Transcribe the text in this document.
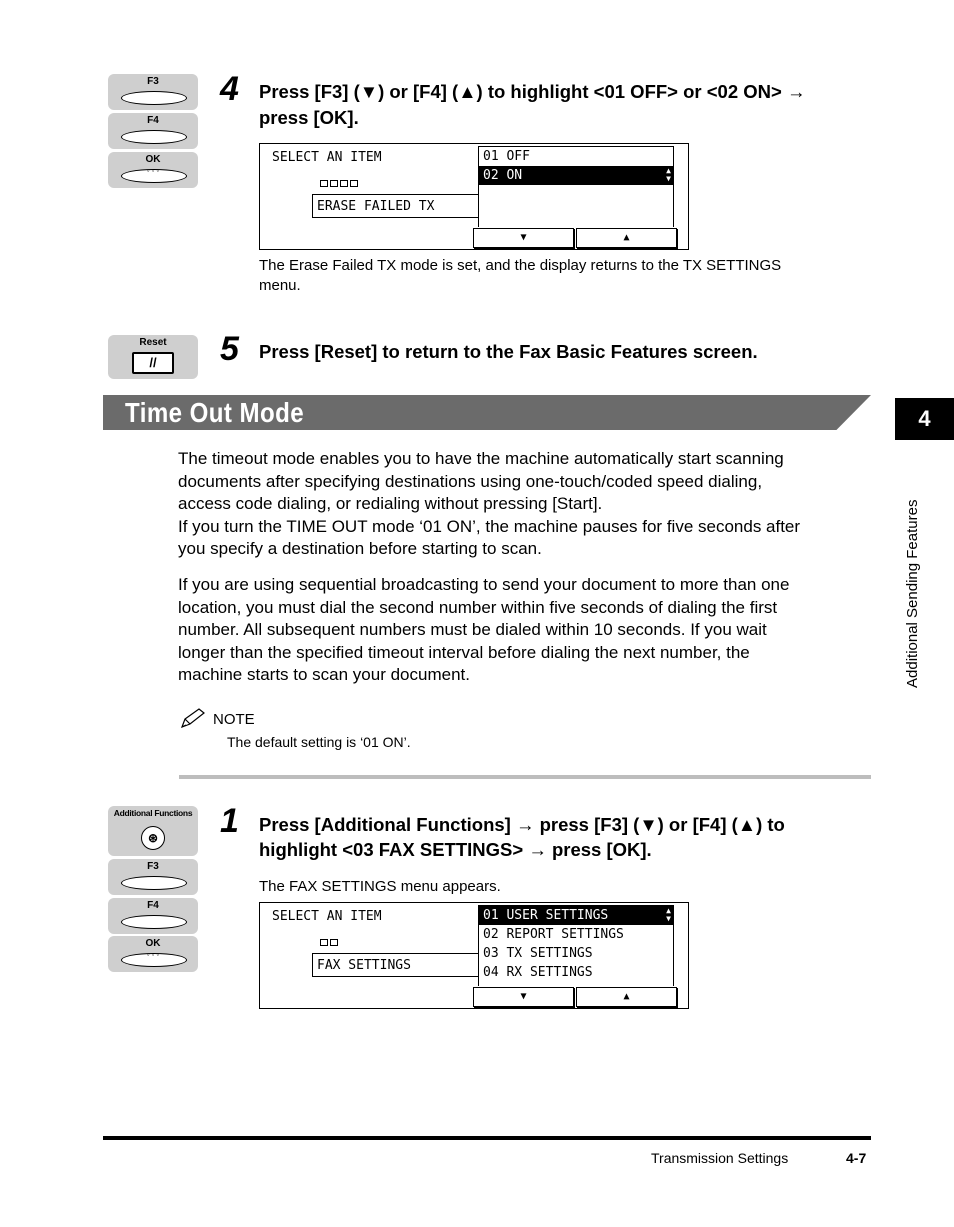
F3
F4
OK
◦◦◦
4 Press [F3] (▼) or [F4] (▲) to highlight <01 OFF> or <02 ON> →
press [OK].
SELECT AN ITEM
ERASE FAILED TX
01 OFF
02 ON	▲
▼
▼	▲
The Erase Failed TX mode is set, and the display returns to the TX SETTINGS
menu.
Reset
//	5 Press [Reset] to return to the Fax Basic Features screen.
Time Out Mode
The timeout mode enables you to have the machine automatically start scanning
documents after specifying destinations using one-touch/coded speed dialing,
access code dialing, or redialing without pressing [Start].
If you turn the TIME OUT mode ‘01 ON’, the machine pauses for five seconds after
you specify a destination before starting to scan.
If you are using sequential broadcasting to send your document to more than one
location, you must dial the second number within five seconds of dialing the first
number. All subsequent numbers must be dialed within 10 seconds. If you wait
longer than the specified timeout interval before dialing the next number, the
machine starts to scan your document.
NOTE
The default setting is ‘01 ON’.
Additional Functions
⊛
F3
F4
OK
◦◦◦
1 Press [Additional Functions] → press [F3] (▼) or [F4] (▲) to
highlight <03 FAX SETTINGS> → press [OK].
The FAX SETTINGS menu appears.
SELECT AN ITEM
FAX SETTINGS
01 USER SETTINGS	▲
▼
02 REPORT SETTINGS
03 TX SETTINGS
04 RX SETTINGS
▼	▲
4
Additional Sending Features
Transmission Settings	4-7
